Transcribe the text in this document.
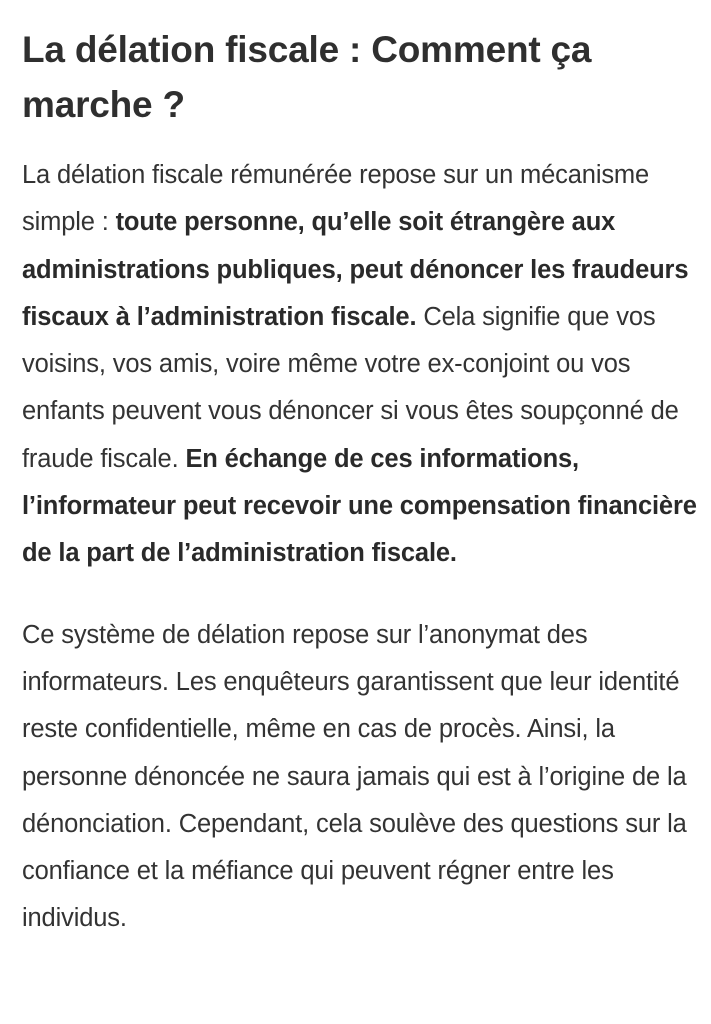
La délation fiscale : Comment ça marche ?

La délation fiscale rémunérée repose sur un mécanisme simple : toute personne, qu’elle soit étrangère aux administrations publiques, peut dénoncer les fraudeurs fiscaux à l’administration fiscale. Cela signifie que vos voisins, vos amis, voire même votre ex-conjoint ou vos enfants peuvent vous dénoncer si vous êtes soupçonné de fraude fiscale. En échange de ces informations, l’informateur peut recevoir une compensation financière de la part de l’administration fiscale.

Ce système de délation repose sur l’anonymat des informateurs. Les enquêteurs garantissent que leur identité reste confidentielle, même en cas de procès. Ainsi, la personne dénoncée ne saura jamais qui est à l’origine de la dénonciation. Cependant, cela soulève des questions sur la confiance et la méfiance qui peuvent régner entre les individus.
